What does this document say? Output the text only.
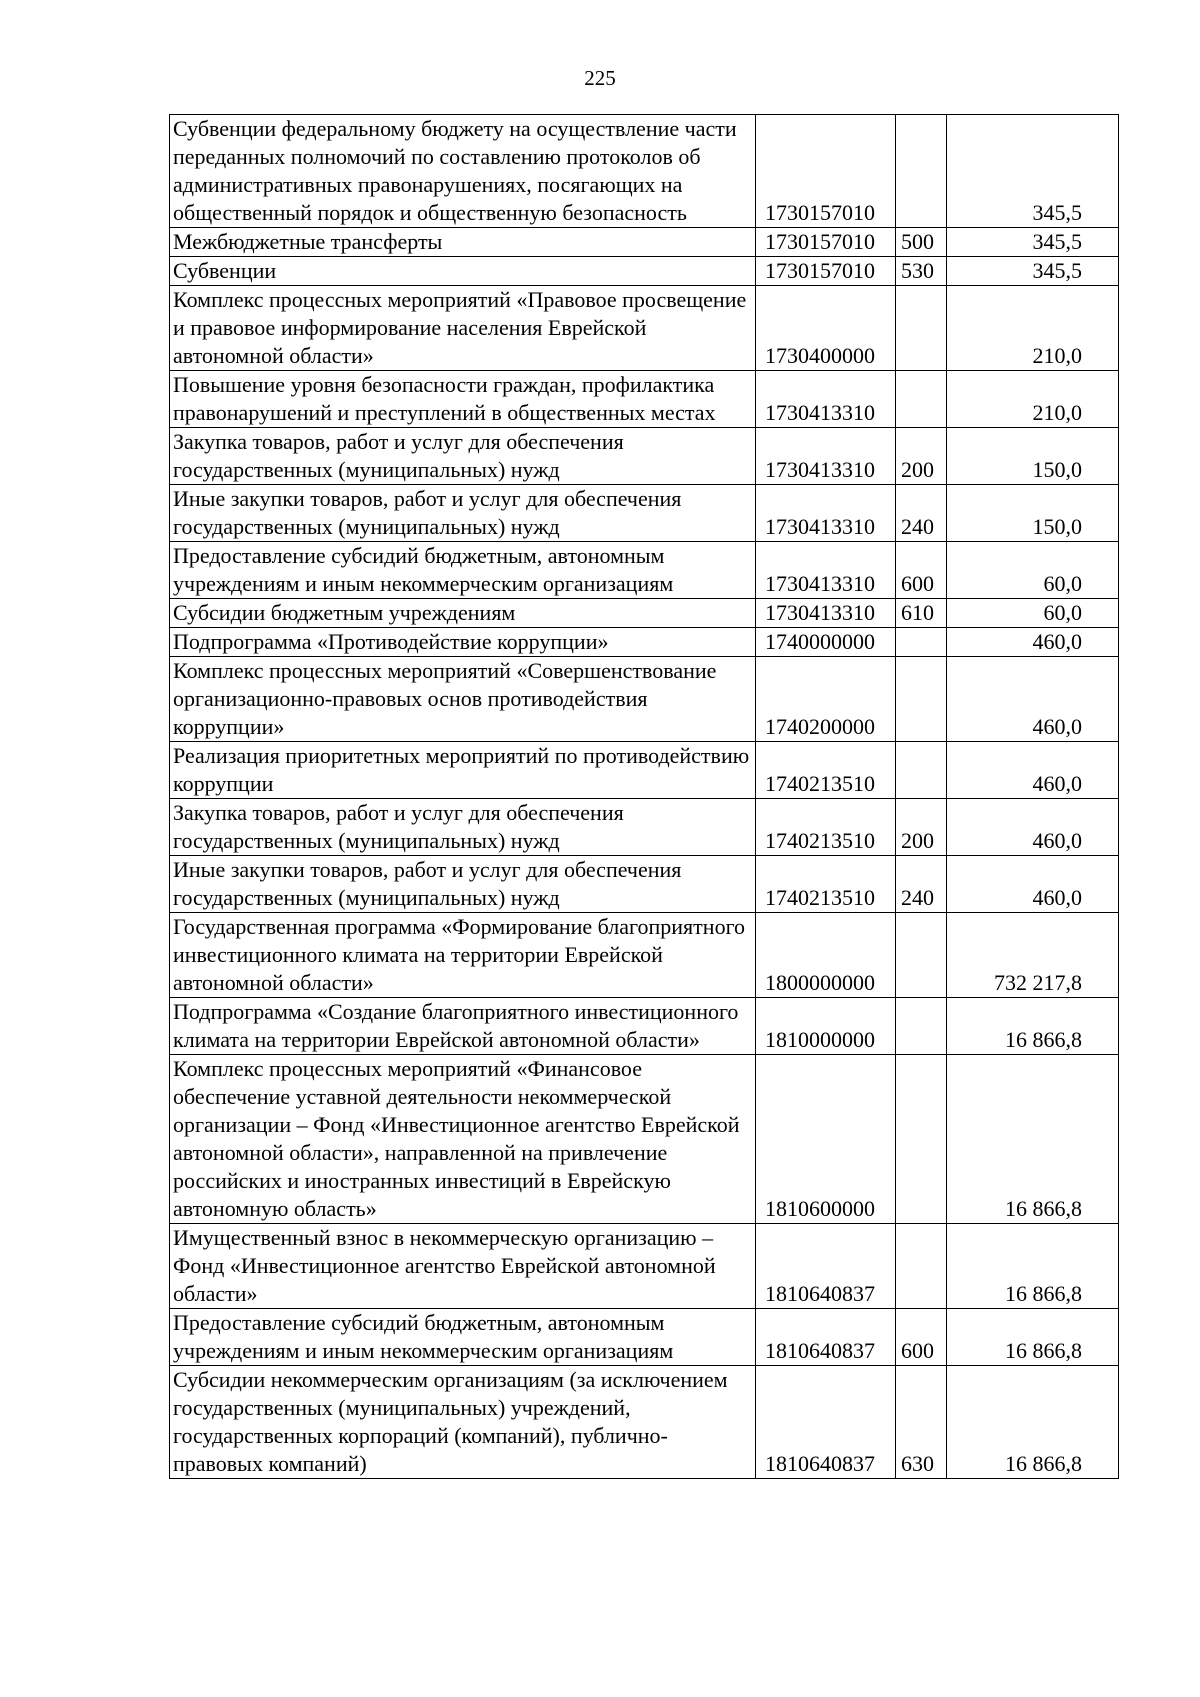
225
Субвенции федеральному бюджету на осуществление части переданных полномочий по составлению протоколов об административных правонарушениях, посягающих на общественный порядок и общественную безопасность	1730157010		345,5
Межбюджетные трансферты	1730157010	500	345,5
Субвенции	1730157010	530	345,5
Комплекс процессных мероприятий «Правовое просвещение и правовое информирование населения Еврейской автономной области»	1730400000		210,0
Повышение уровня безопасности граждан, профилактика правонарушений и преступлений в общественных местах	1730413310		210,0
Закупка товаров, работ и услуг для обеспечения государственных (муниципальных) нужд	1730413310	200	150,0
Иные закупки товаров, работ и услуг для обеспечения государственных (муниципальных) нужд	1730413310	240	150,0
Предоставление субсидий бюджетным, автономным учреждениям и иным некоммерческим организациям	1730413310	600	60,0
Субсидии бюджетным учреждениям	1730413310	610	60,0
Подпрограмма «Противодействие коррупции»	1740000000		460,0
Комплекс процессных мероприятий «Совершенствование организационно-правовых основ противодействия коррупции»	1740200000		460,0
Реализация приоритетных мероприятий по противодействию коррупции	1740213510		460,0
Закупка товаров, работ и услуг для обеспечения государственных (муниципальных) нужд	1740213510	200	460,0
Иные закупки товаров, работ и услуг для обеспечения государственных (муниципальных) нужд	1740213510	240	460,0
Государственная программа «Формирование благоприятного инвестиционного климата на территории Еврейской автономной области»	1800000000		732 217,8
Подпрограмма «Создание благоприятного инвестиционного климата на территории Еврейской автономной области»	1810000000		16 866,8
Комплекс процессных мероприятий «Финансовое обеспечение уставной деятельности некоммерческой организации – Фонд «Инвестиционное агентство Еврейской автономной области», направленной на привлечение российских и иностранных инвестиций в Еврейскую автономную область»	1810600000		16 866,8
Имущественный взнос в некоммерческую организацию – Фонд «Инвестиционное агентство Еврейской автономной области»	1810640837		16 866,8
Предоставление субсидий бюджетным, автономным учреждениям и иным некоммерческим организациям	1810640837	600	16 866,8
Субсидии некоммерческим организациям (за исключением государственных (муниципальных) учреждений, государственных корпораций (компаний), публично-правовых компаний)	1810640837	630	16 866,8
